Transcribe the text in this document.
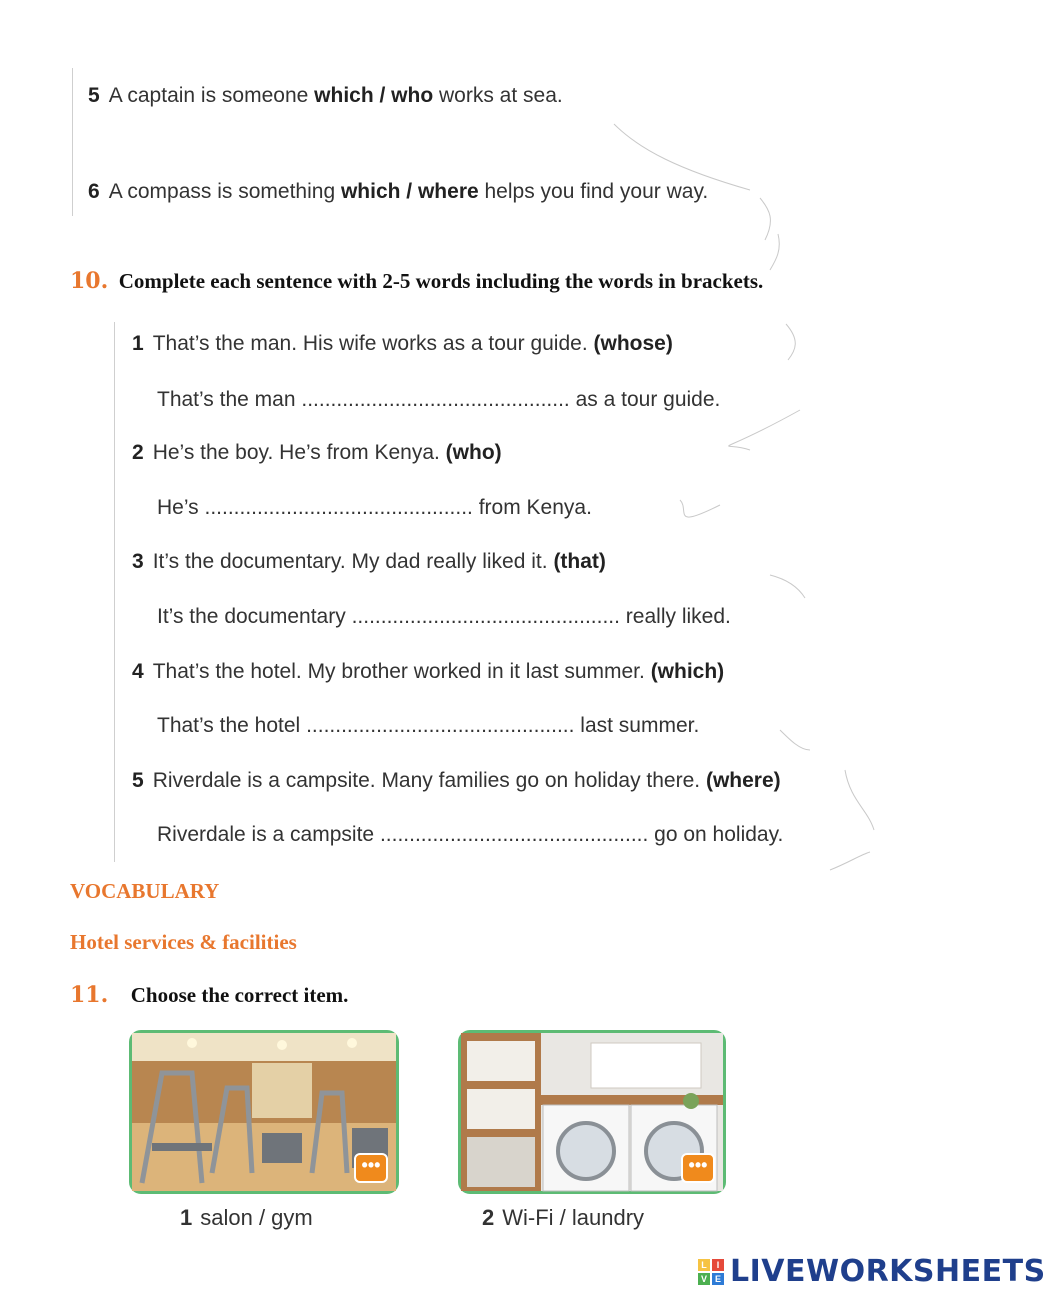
5 A captain is someone which / who works at sea.
6 A compass is something which / where helps you find your way.
10. Complete each sentence with 2-5 words including the words in brackets.
1 That’s the man. His wife works as a tour guide. (whose)
That’s the man .............................................. as a tour guide.
2 He’s the boy. He’s from Kenya. (who)
He’s .............................................. from Kenya.
3 It’s the documentary. My dad really liked it. (that)
It’s the documentary .............................................. really liked.
4 That’s the hotel. My brother worked in it last summer. (which)
That’s the hotel .............................................. last summer.
5 Riverdale is a campsite. Many families go on holiday there. (where)
Riverdale is a campsite .............................................. go on holiday.
VOCABULARY
Hotel services & facilities
11. Choose the correct item.
•••
1 salon / gym
•••
2 Wi-Fi / laundry
L	I
V E LIVEWORKSHEETS
